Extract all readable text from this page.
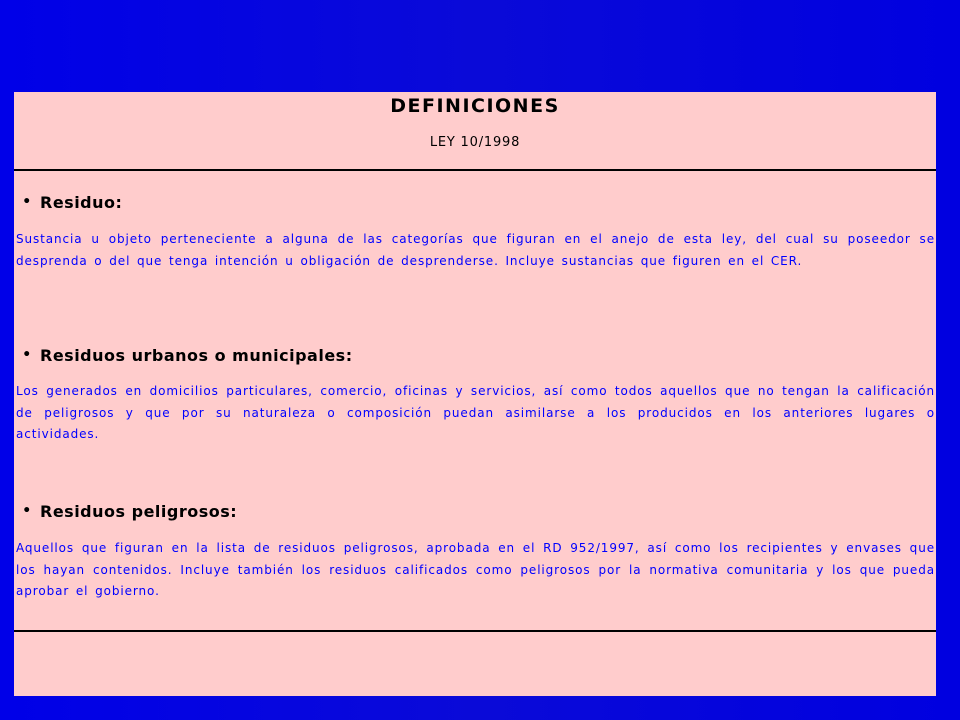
DEFINICIONES
LEY 10/1998
• Residuo:

Sustancia u objeto perteneciente a alguna de las categorías que figuran en el anejo de esta ley, del cual su poseedor se desprenda o del que tenga intención u obligación de desprenderse. Incluye sustancias que figuren en el CER.

• Residuos urbanos o municipales:

Los generados en domicilios particulares, comercio, oficinas y servicios, así como todos aquellos que no tengan la calificación de peligrosos y que por su naturaleza o composición puedan asimilarse a los producidos en los anteriores lugares o actividades.

• Residuos peligrosos:

Aquellos que figuran en la lista de residuos peligrosos, aprobada en el RD 952/1997, así como los recipientes y envases que los hayan contenidos. Incluye también los residuos calificados como peligrosos por la normativa comunitaria y los que pueda aprobar el gobierno.
